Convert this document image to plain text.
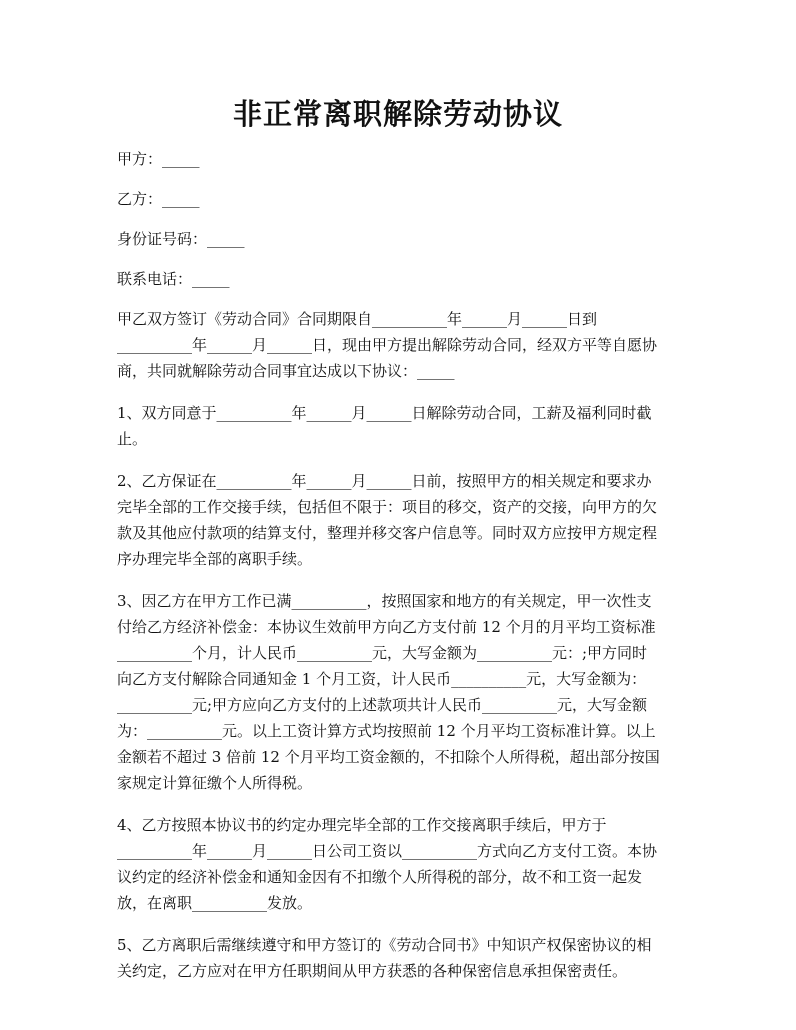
非正常离职解除劳动协议

甲方：_____

乙方：_____

身份证号码：_____

联系电话：_____

甲乙双方签订《劳动合同》合同期限自__________年______月______日到
__________年______月______日，现由甲方提出解除劳动合同，经双方平等自愿协
商，共同就解除劳动合同事宜达成以下协议：_____

1、双方同意于__________年______月______日解除劳动合同，工薪及福利同时截
止。

2、乙方保证在__________年______月______日前，按照甲方的相关规定和要求办
完毕全部的工作交接手续，包括但不限于：项目的移交，资产的交接，向甲方的欠
款及其他应付款项的结算支付，整理并移交客户信息等。同时双方应按甲方规定程
序办理完毕全部的离职手续。

3、因乙方在甲方工作已满__________，按照国家和地方的有关规定，甲一次性支
付给乙方经济补偿金：本协议生效前甲方向乙方支付前 12 个月的月平均工资标准
__________个月，计人民币__________元，大写金额为__________元：;甲方同时
向乙方支付解除合同通知金 1 个月工资，计人民币__________元，大写金额为：
__________元;甲方应向乙方支付的上述款项共计人民币__________元，大写金额
为：__________元。以上工资计算方式均按照前 12 个月平均工资标准计算。以上
金额若不超过 3 倍前 12 个月平均工资金额的，不扣除个人所得税，超出部分按国
家规定计算征缴个人所得税。

4、乙方按照本协议书的约定办理完毕全部的工作交接离职手续后，甲方于
__________年______月______日公司工资以__________方式向乙方支付工资。本协
议约定的经济补偿金和通知金因有不扣缴个人所得税的部分，故不和工资一起发
放，在离职__________发放。

5、乙方离职后需继续遵守和甲方签订的《劳动合同书》中知识产权保密协议的相
关约定，乙方应对在甲方任职期间从甲方获悉的各种保密信息承担保密责任。
